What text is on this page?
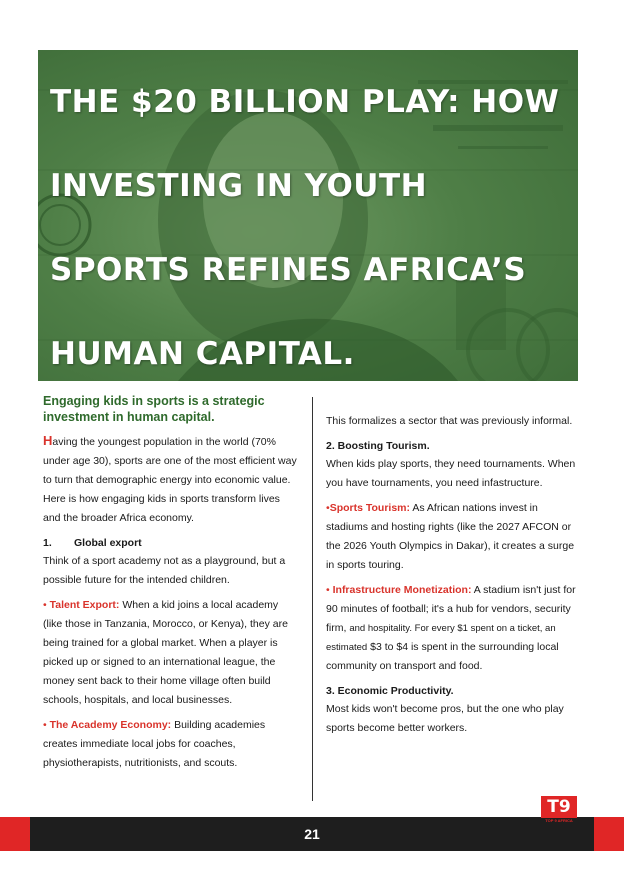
THE $20 BILLION PLAY: HOW INVESTING IN YOUTH SPORTS REFINES AFRICA’S HUMAN CAPITAL.
Engaging kids in sports is a strategic investment in human capital.

Having the youngest population in the world (70% under age 30), sports are one of the most efficient way to turn that demographic energy into economic value. Here is how engaging kids in sports transform lives and the broader Africa economy.

1. Global export

Think of a sport academy not as a playground, but a possible future for the intended children.

• Talent Export: When a kid joins a local academy (like those in Tanzania, Morocco, or Kenya), they are being trained for a global market. When a player is picked up or signed to an international league, the money sent back to their home village often build schools, hospitals, and local businesses.

• The Academy Economy: Building academies creates immediate local jobs for coaches, physiotherapists, nutritionists, and scouts.

This formalizes a sector that was previously informal.

2. Boosting Tourism.

When kids play sports, they need tournaments. When you have tournaments, you need infastructure.

•Sports Tourism: As African nations invest in stadiums and hosting rights (like the 2027 AFCON or the 2026 Youth Olympics in Dakar), it creates a surge in sports touring.

• Infrastructure Monetization: A stadium isn't just for 90 minutes of football; it's a hub for vendors, security firm, and hospitality. For every $1 spent on a ticket, an estimated $3 to $4 is spent in the surrounding local community on transport and food.

3. Economic Productivity.

Most kids won't become pros, but the one who play sports become better workers.

21
T9
TOP 9 AFRICA
